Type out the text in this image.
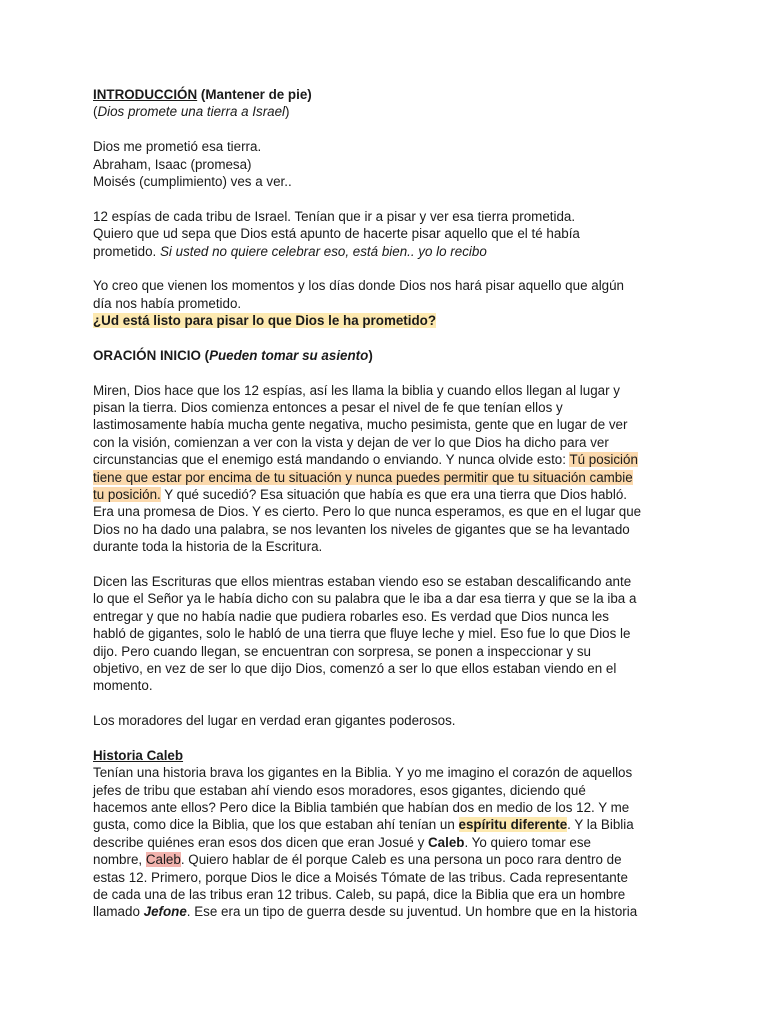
INTRODUCCIÓN (Mantener de pie)
(Dios promete una tierra a Israel)
Dios me prometió esa tierra.
Abraham, Isaac (promesa)
Moisés (cumplimiento) ves a ver..
12 espías de cada tribu de Israel. Tenían que ir a pisar y ver esa tierra prometida.
Quiero que ud sepa que Dios está apunto de hacerte pisar aquello que el té había
prometido. Si usted no quiere celebrar eso, está bien.. yo lo recibo
Yo creo que vienen los momentos y los días donde Dios nos hará pisar aquello que algún
día nos había prometido.
¿Ud está listo para pisar lo que Dios le ha prometido?
ORACIÓN INICIO (Pueden tomar su asiento)
Miren, Dios hace que los 12 espías, así les llama la biblia y cuando ellos llegan al lugar y
pisan la tierra. Dios comienza entonces a pesar el nivel de fe que tenían ellos y
lastimosamente había mucha gente negativa, mucho pesimista, gente que en lugar de ver
con la visión, comienzan a ver con la vista y dejan de ver lo que Dios ha dicho para ver
circunstancias que el enemigo está mandando o enviando. Y nunca olvide esto: Tú posición
tiene que estar por encima de tu situación y nunca puedes permitir que tu situación cambie
tu posición. Y qué sucedió? Esa situación que había es que era una tierra que Dios habló.
Era una promesa de Dios. Y es cierto. Pero lo que nunca esperamos, es que en el lugar que
Dios no ha dado una palabra, se nos levanten los niveles de gigantes que se ha levantado
durante toda la historia de la Escritura.
Dicen las Escrituras que ellos mientras estaban viendo eso se estaban descalificando ante
lo que el Señor ya le había dicho con su palabra que le iba a dar esa tierra y que se la iba a
entregar y que no había nadie que pudiera robarles eso. Es verdad que Dios nunca les
habló de gigantes, solo le habló de una tierra que fluye leche y miel. Eso fue lo que Dios le
dijo. Pero cuando llegan, se encuentran con sorpresa, se ponen a inspeccionar y su
objetivo, en vez de ser lo que dijo Dios, comenzó a ser lo que ellos estaban viendo en el
momento.
Los moradores del lugar en verdad eran gigantes poderosos.
Historia Caleb
Tenían una historia brava los gigantes en la Biblia. Y yo me imagino el corazón de aquellos
jefes de tribu que estaban ahí viendo esos moradores, esos gigantes, diciendo qué
hacemos ante ellos? Pero dice la Biblia también que habían dos en medio de los 12. Y me
gusta, como dice la Biblia, que los que estaban ahí tenían un espíritu diferente. Y la Biblia
describe quiénes eran esos dos dicen que eran Josué y Caleb. Yo quiero tomar ese
nombre, Caleb. Quiero hablar de él porque Caleb es una persona un poco rara dentro de
estas 12. Primero, porque Dios le dice a Moisés Tómate de las tribus. Cada representante
de cada una de las tribus eran 12 tribus. Caleb, su papá, dice la Biblia que era un hombre
llamado Jefone. Ese era un tipo de guerra desde su juventud. Un hombre que en la historia
